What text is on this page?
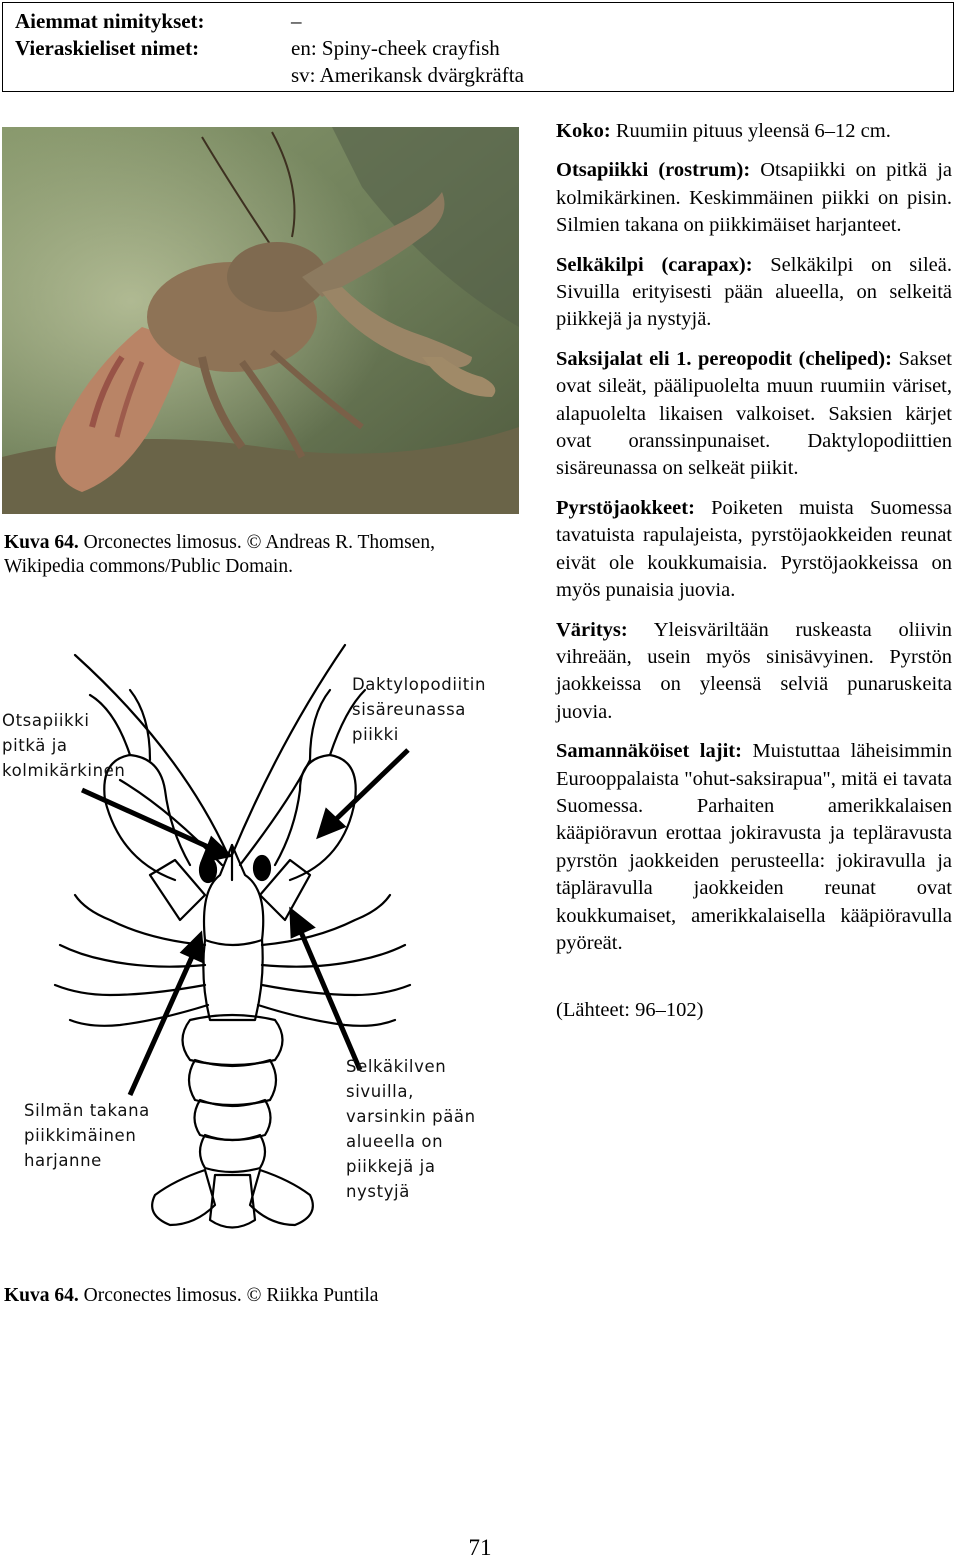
Aiemmat nimitykset:	–
Vieraskieliset nimet:	en: Spiny-cheek crayfish
sv: Amerikansk dvärgkräfta
Kuva 64. Orconectes limosus. © Andreas R. Thomsen,
Wikipedia commons/Public Domain.
Otsapiikki
pitkä ja
kolmikärkinen
Daktylopodiitin
sisäreunassa
piikki
Silmän takana
piikkimäinen
harjanne
Selkäkilven
sivuilla,
varsinkin pään
alueella on
piikkejä ja
nystyjä
Kuva 64. Orconectes limosus. © Riikka Puntila

Koko: Ruumiin pituus yleensä 6–12 cm.

Otsapiikki (rostrum): Otsapiikki on pitkä ja kolmikärkinen. Keskimmäinen piikki on pisin. Silmien takana on piikkimäiset harjanteet.

Selkäkilpi (carapax): Selkäkilpi on sileä. Sivuilla erityisesti pään alueella, on selkeitä piikkejä ja nystyjä.

Saksijalat eli 1. pereopodit (cheliped): Sakset ovat sileät, päälipuolelta muun ruumiin väriset, alapuolelta likaisen valkoiset. Saksien kärjet ovat oranssinpunaiset. Daktylopodiittien sisäreunassa on selkeät piikit.

Pyrstöjaokkeet: Poiketen muista Suomessa tavatuista rapulajeista, pyrstöjaokkeiden reunat eivät ole koukkumaisia. Pyrstöjaokkeissa on myös punaisia juovia.

Väritys: Yleisväriltään ruskeasta oliivin vihreään, usein myös sinisävyinen. Pyrstön jaokkeissa on yleensä selviä punaruskeita juovia.

Samannäköiset lajit: Muistuttaa läheisimmin Eurooppalaista "ohut-saksirapua", mitä ei tavata Suomessa. Parhaiten amerikkalaisen kääpiöravun erottaa jokiravusta ja tepläravusta pyrstön jaokkeiden perusteella: jokiravulla ja täpläravulla jaokkeiden reunat ovat koukkumaiset, amerikkalaisella kääpiöravulla pyöreät.

(Lähteet: 96–102)

71
